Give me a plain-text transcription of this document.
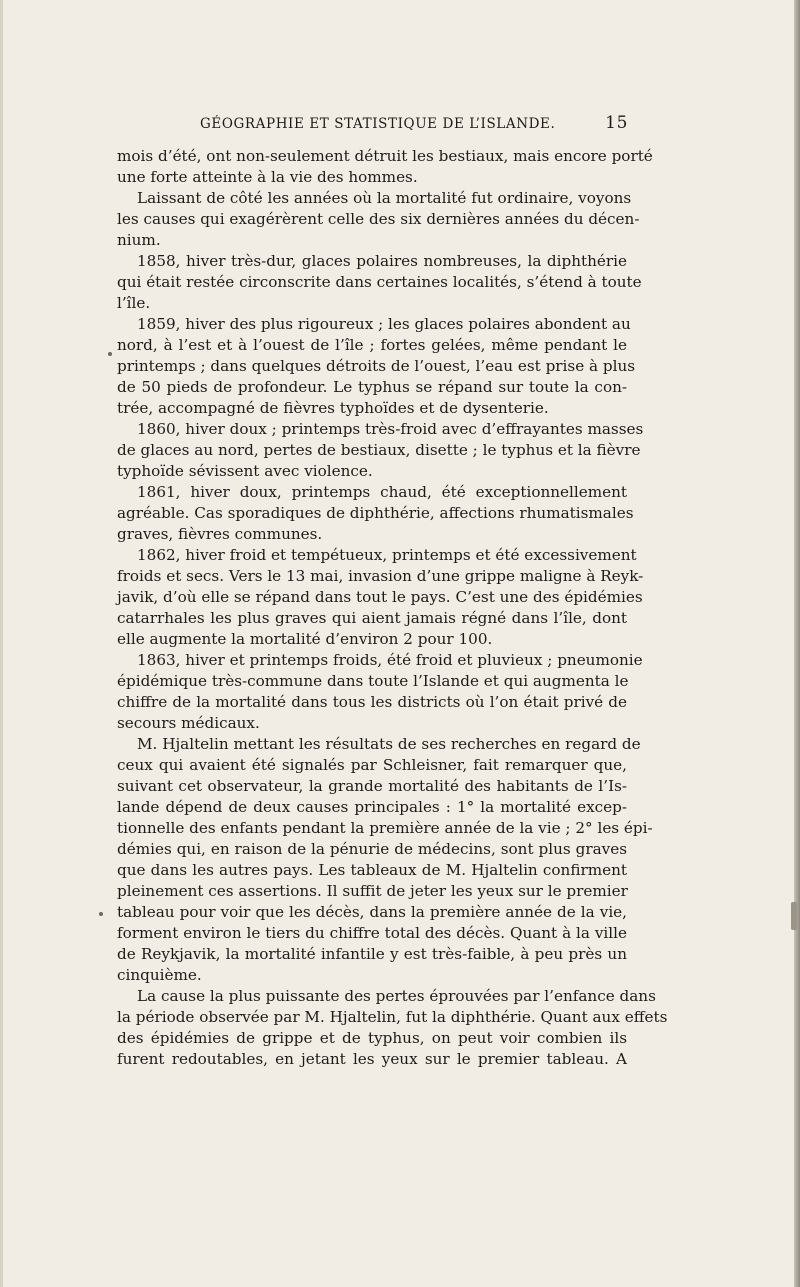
GÉOGRAPHIE ET STATISTIQUE DE L’ISLANDE.	15
mois d’été, ont non-seulement détruit les bestiaux, mais encore porté
une forte atteinte à la vie des hommes.
Laissant de côté les années où la mortalité fut ordinaire, voyons
les causes qui exagérèrent celle des six dernières années du décen-
nium.
1858, hiver très-dur, glaces polaires nombreuses, la diphthérie
qui était restée circonscrite dans certaines localités, s’étend à toute
l’île.
1859, hiver des plus rigoureux ; les glaces polaires abondent au
nord, à l’est et à l’ouest de l’île ; fortes gelées, même pendant le
printemps ; dans quelques détroits de l’ouest, l’eau est prise à plus
de 50 pieds de profondeur. Le typhus se répand sur toute la con-
trée, accompagné de fièvres typhoïdes et de dysenterie.
1860, hiver doux ; printemps très-froid avec d’effrayantes masses
de glaces au nord, pertes de bestiaux, disette ; le typhus et la fièvre
typhoïde sévissent avec violence.
1861, hiver doux, printemps chaud, été exceptionnellement
agréable. Cas sporadiques de diphthérie, affections rhumatismales
graves, fièvres communes.
1862, hiver froid et tempétueux, printemps et été excessivement
froids et secs. Vers le 13 mai, invasion d’une grippe maligne à Reyk-
javik, d’où elle se répand dans tout le pays. C’est une des épidémies
catarrhales les plus graves qui aient jamais régné dans l’île, dont
elle augmente la mortalité d’environ 2 pour 100.
1863, hiver et printemps froids, été froid et pluvieux ; pneumonie
épidémique très-commune dans toute l’Islande et qui augmenta le
chiffre de la mortalité dans tous les districts où l’on était privé de
secours médicaux.
M. Hjaltelin mettant les résultats de ses recherches en regard de
ceux qui avaient été signalés par Schleisner, fait remarquer que,
suivant cet observateur, la grande mortalité des habitants de l’Is-
lande dépend de deux causes principales : 1° la mortalité excep-
tionnelle des enfants pendant la première année de la vie ; 2° les épi-
démies qui, en raison de la pénurie de médecins, sont plus graves
que dans les autres pays. Les tableaux de M. Hjaltelin confirment
pleinement ces assertions. Il suffit de jeter les yeux sur le premier
tableau pour voir que les décès, dans la première année de la vie,
forment environ le tiers du chiffre total des décès. Quant à la ville
de Reykjavik, la mortalité infantile y est très-faible, à peu près un
cinquième.
La cause la plus puissante des pertes éprouvées par l’enfance dans
la période observée par M. Hjaltelin, fut la diphthérie. Quant aux effets
des épidémies de grippe et de typhus, on peut voir combien ils
furent redoutables, en jetant les yeux sur le premier tableau. A
